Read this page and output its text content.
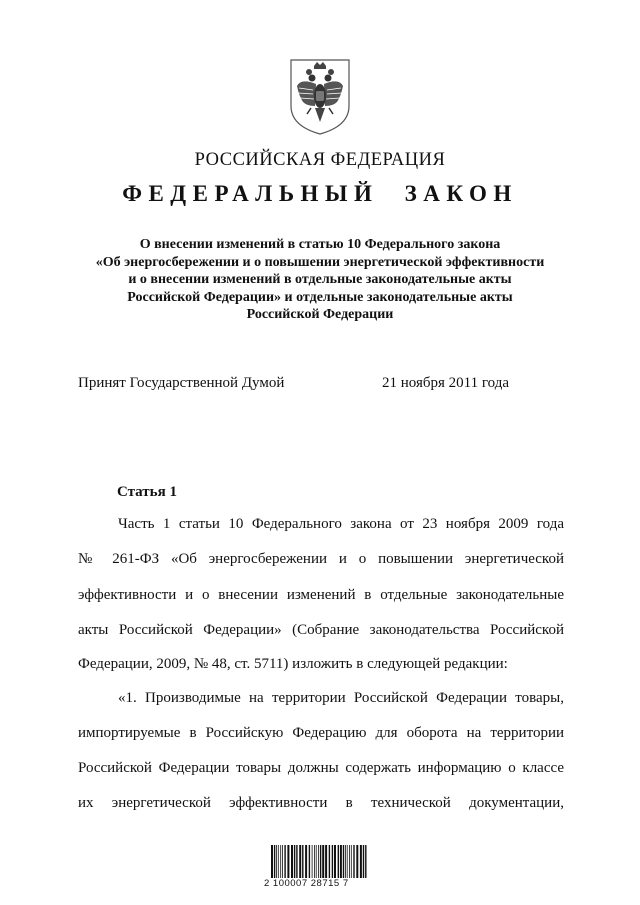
РОССИЙСКАЯ ФЕДЕРАЦИЯ
ФЕДЕРАЛЬНЫЙ ЗАКОН
О внесении изменений в статью 10 Федерального закона
«Об энергосбережении и о повышении энергетической эффективности
и о внесении изменений в отдельные законодательные акты
Российской Федерации» и отдельные законодательные акты
Российской Федерации
Принят Государственной Думой	21 ноября 2011 года
Статья 1
Часть 1 статьи 10 Федерального закона от 23 ноября 2009 года
№ 261-ФЗ «Об энергосбережении и о повышении энергетической
эффективности и о внесении изменений в отдельные законодательные
акты Российской Федерации» (Собрание законодательства Российской
Федерации, 2009, № 48, ст. 5711) изложить в следующей редакции:
«1. Производимые на территории Российской Федерации товары,
импортируемые в Российскую Федерацию для оборота на территории
Российской Федерации товары должны содержать информацию о классе
их энергетической эффективности в технической документации,
2 100007 28715 7
